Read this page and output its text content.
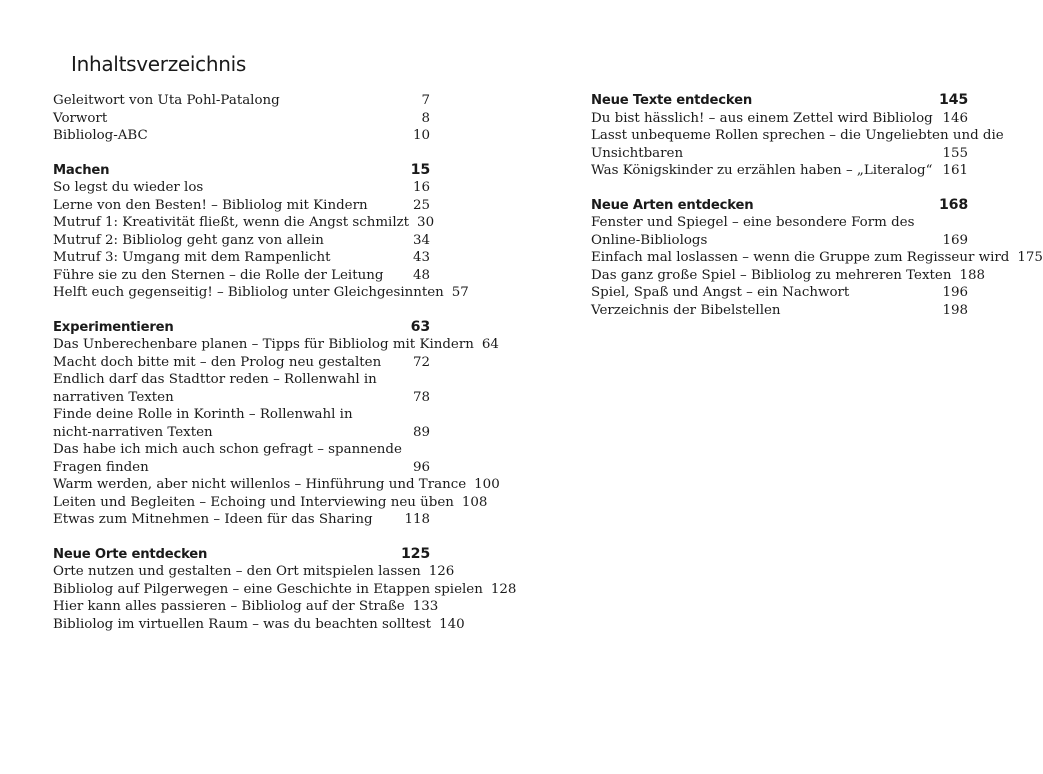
Inhaltsverzeichnis
Geleitwort von Uta Pohl-Patalong	7
Vorwort	8
Bibliolog-ABC	10
Machen	15
So legst du wieder los	16
Lerne von den Besten! – Bibliolog mit Kindern	25
Mutruf 1: Kreativität fließt, wenn die Angst schmilzt 30
Mutruf 2: Bibliolog geht ganz von allein	34
Mutruf 3: Umgang mit dem Rampenlicht	43
Führe sie zu den Sternen – die Rolle der Leitung	48
Helft euch gegenseitig! – Bibliolog unter Gleichgesinnten 57
Experimentieren	63
Das Unberechenbare planen – Tipps für Bibliolog mit Kindern 64
Macht doch bitte mit – den Prolog neu gestalten	72
Endlich darf das Stadttor reden – Rollenwahl in
narrativen Texten	78
Finde deine Rolle in Korinth – Rollenwahl in
nicht-narrativen Texten	89
Das habe ich mich auch schon gefragt – spannende
Fragen finden	96
Warm werden, aber nicht willenlos – Hinführung und Trance 100
Leiten und Begleiten – Echoing und Interviewing neu üben 108
Etwas zum Mitnehmen – Ideen für das Sharing	118
Neue Orte entdecken	125
Orte nutzen und gestalten – den Ort mitspielen lassen 126
Bibliolog auf Pilgerwegen – eine Geschichte in Etappen spielen 128
Hier kann alles passieren – Bibliolog auf der Straße 133
Bibliolog im virtuellen Raum – was du beachten solltest 140
Neue Texte entdecken	145
Du bist hässlich! – aus einem Zettel wird Bibliolog 146
Lasst unbequeme Rollen sprechen – die Ungeliebten und die
Unsichtbaren	155
Was Königskinder zu erzählen haben – „Literalog“ 161
Neue Arten entdecken	168
Fenster und Spiegel – eine besondere Form des
Online-Bibliologs	169
Einfach mal loslassen – wenn die Gruppe zum Regisseur wird 175
Das ganz große Spiel – Bibliolog zu mehreren Texten 188
Spiel, Spaß und Angst – ein Nachwort	196
Verzeichnis der Bibelstellen	198
